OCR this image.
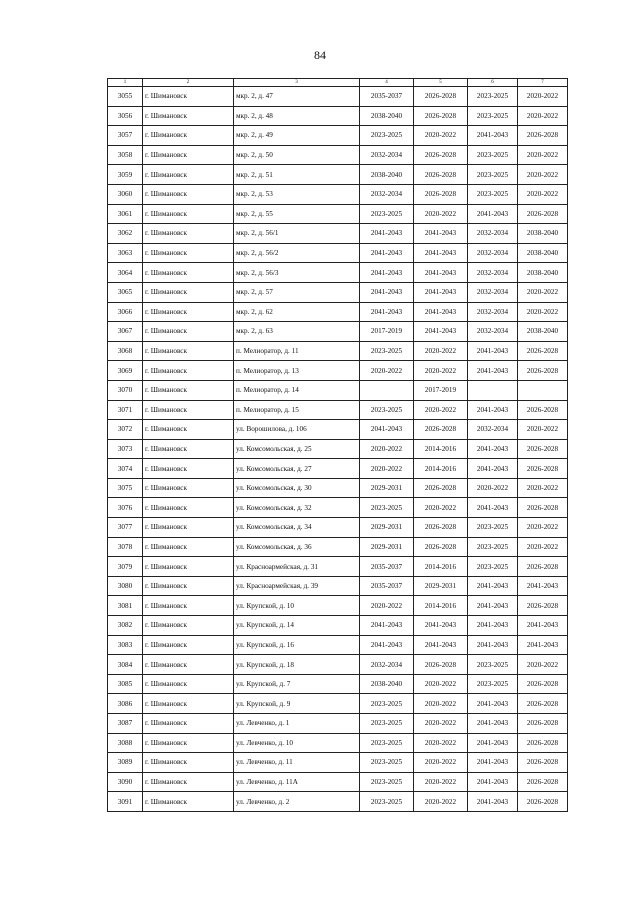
84
1	2	3	4	5	6	7
3055	г. Шимановск	мкр. 2, д. 47	2035-2037	2026-2028	2023-2025	2020-2022
3056	г. Шимановск	мкр. 2, д. 48	2038-2040	2026-2028	2023-2025	2020-2022
3057	г. Шимановск	мкр. 2, д. 49	2023-2025	2020-2022	2041-2043	2026-2028
3058	г. Шимановск	мкр. 2, д. 50	2032-2034	2026-2028	2023-2025	2020-2022
3059	г. Шимановск	мкр. 2, д. 51	2038-2040	2026-2028	2023-2025	2020-2022
3060	г. Шимановск	мкр. 2, д. 53	2032-2034	2026-2028	2023-2025	2020-2022
3061	г. Шимановск	мкр. 2, д. 55	2023-2025	2020-2022	2041-2043	2026-2028
3062	г. Шимановск	мкр. 2, д. 56/1	2041-2043	2041-2043	2032-2034	2038-2040
3063	г. Шимановск	мкр. 2, д. 56/2	2041-2043	2041-2043	2032-2034	2038-2040
3064	г. Шимановск	мкр. 2, д. 56/3	2041-2043	2041-2043	2032-2034	2038-2040
3065	г. Шимановск	мкр. 2, д. 57	2041-2043	2041-2043	2032-2034	2020-2022
3066	г. Шимановск	мкр. 2, д. 62	2041-2043	2041-2043	2032-2034	2020-2022
3067	г. Шимановск	мкр. 2, д. 63	2017-2019	2041-2043	2032-2034	2038-2040
3068	г. Шимановск	п. Мелиоратор, д. 11	2023-2025	2020-2022	2041-2043	2026-2028
3069	г. Шимановск	п. Мелиоратор, д. 13	2020-2022	2020-2022	2041-2043	2026-2028
3070	г. Шимановск	п. Мелиоратор, д. 14		2017-2019		
3071	г. Шимановск	п. Мелиоратор, д. 15	2023-2025	2020-2022	2041-2043	2026-2028
3072	г. Шимановск	ул. Ворошилова, д. 106	2041-2043	2026-2028	2032-2034	2020-2022
3073	г. Шимановск	ул. Комсомольская, д. 25	2020-2022	2014-2016	2041-2043	2026-2028
3074	г. Шимановск	ул. Комсомольская, д. 27	2020-2022	2014-2016	2041-2043	2026-2028
3075	г. Шимановск	ул. Комсомольская, д. 30	2029-2031	2026-2028	2020-2022	2020-2022
3076	г. Шимановск	ул. Комсомольская, д. 32	2023-2025	2020-2022	2041-2043	2026-2028
3077	г. Шимановск	ул. Комсомольская, д. 34	2029-2031	2026-2028	2023-2025	2020-2022
3078	г. Шимановск	ул. Комсомольская, д. 36	2029-2031	2026-2028	2023-2025	2020-2022
3079	г. Шимановск	ул. Красноармейская, д. 31	2035-2037	2014-2016	2023-2025	2026-2028
3080	г. Шимановск	ул. Красноармейская, д. 39	2035-2037	2029-2031	2041-2043	2041-2043
3081	г. Шимановск	ул. Крупской, д. 10	2020-2022	2014-2016	2041-2043	2026-2028
3082	г. Шимановск	ул. Крупской, д. 14	2041-2043	2041-2043	2041-2043	2041-2043
3083	г. Шимановск	ул. Крупской, д. 16	2041-2043	2041-2043	2041-2043	2041-2043
3084	г. Шимановск	ул. Крупской, д. 18	2032-2034	2026-2028	2023-2025	2020-2022
3085	г. Шимановск	ул. Крупской, д. 7	2038-2040	2020-2022	2023-2025	2026-2028
3086	г. Шимановск	ул. Крупской, д. 9	2023-2025	2020-2022	2041-2043	2026-2028
3087	г. Шимановск	ул. Левченко, д. 1	2023-2025	2020-2022	2041-2043	2026-2028
3088	г. Шимановск	ул. Левченко, д. 10	2023-2025	2020-2022	2041-2043	2026-2028
3089	г. Шимановск	ул. Левченко, д. 11	2023-2025	2020-2022	2041-2043	2026-2028
3090	г. Шимановск	ул. Левченко, д. 11А	2023-2025	2020-2022	2041-2043	2026-2028
3091	г. Шимановск	ул. Левченко, д. 2	2023-2025	2020-2022	2041-2043	2026-2028
